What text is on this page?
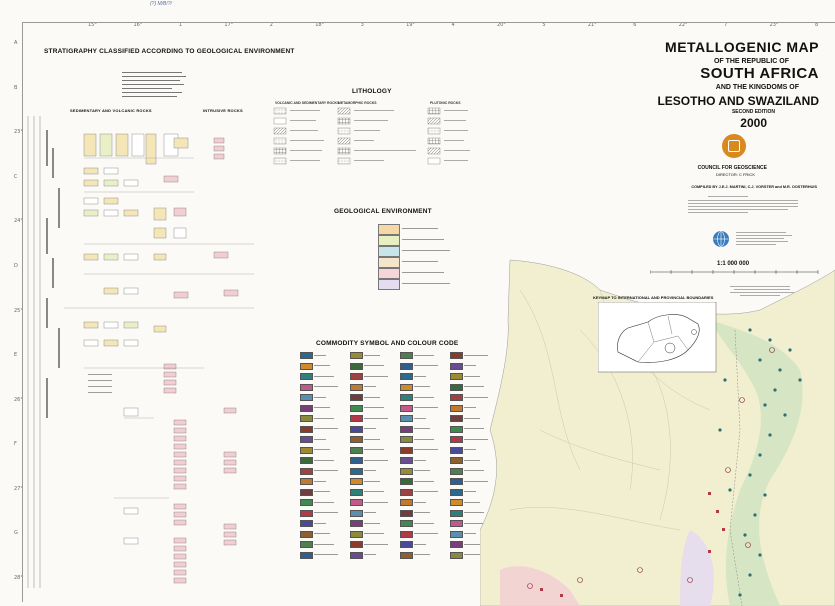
15°	16°	1	17°	2	18°	3	19°	4	20°	5	21°	6	22°	7	23°	8
A
B
23°
C
24°
D
25°
E
26°
F
27°
G
28°
(?) M/B/?/
STRATIGRAPHY CLASSIFIED ACCORDING TO GEOLOGICAL ENVIRONMENT
SEDIMENTARY AND VOLCANIC ROCKS	INTRUSIVE ROCKS
LITHOLOGY
VOLCANIC AND SEDIMENTARY ROCKS
METAMORPHIC ROCKS	PLUTONIC ROCKS
GEOLOGICAL ENVIRONMENT
COMMODITY SYMBOL AND COLOUR CODE
METALLOGENIC MAP
OF THE REPUBLIC OF
SOUTH AFRICA
AND THE KINGDOMS OF
LESOTHO AND SWAZILAND
SECOND EDITION
2000
COUNCIL FOR GEOSCIENCE
DIRECTOR: C FRICK
COMPILED BY J.E.J. MARTINI, C.J. VORSTER and M.R. OOSTERHUIS
1:1 000 000
KEYMAP TO INTERNATIONAL AND PROVINCIAL BOUNDARIES
